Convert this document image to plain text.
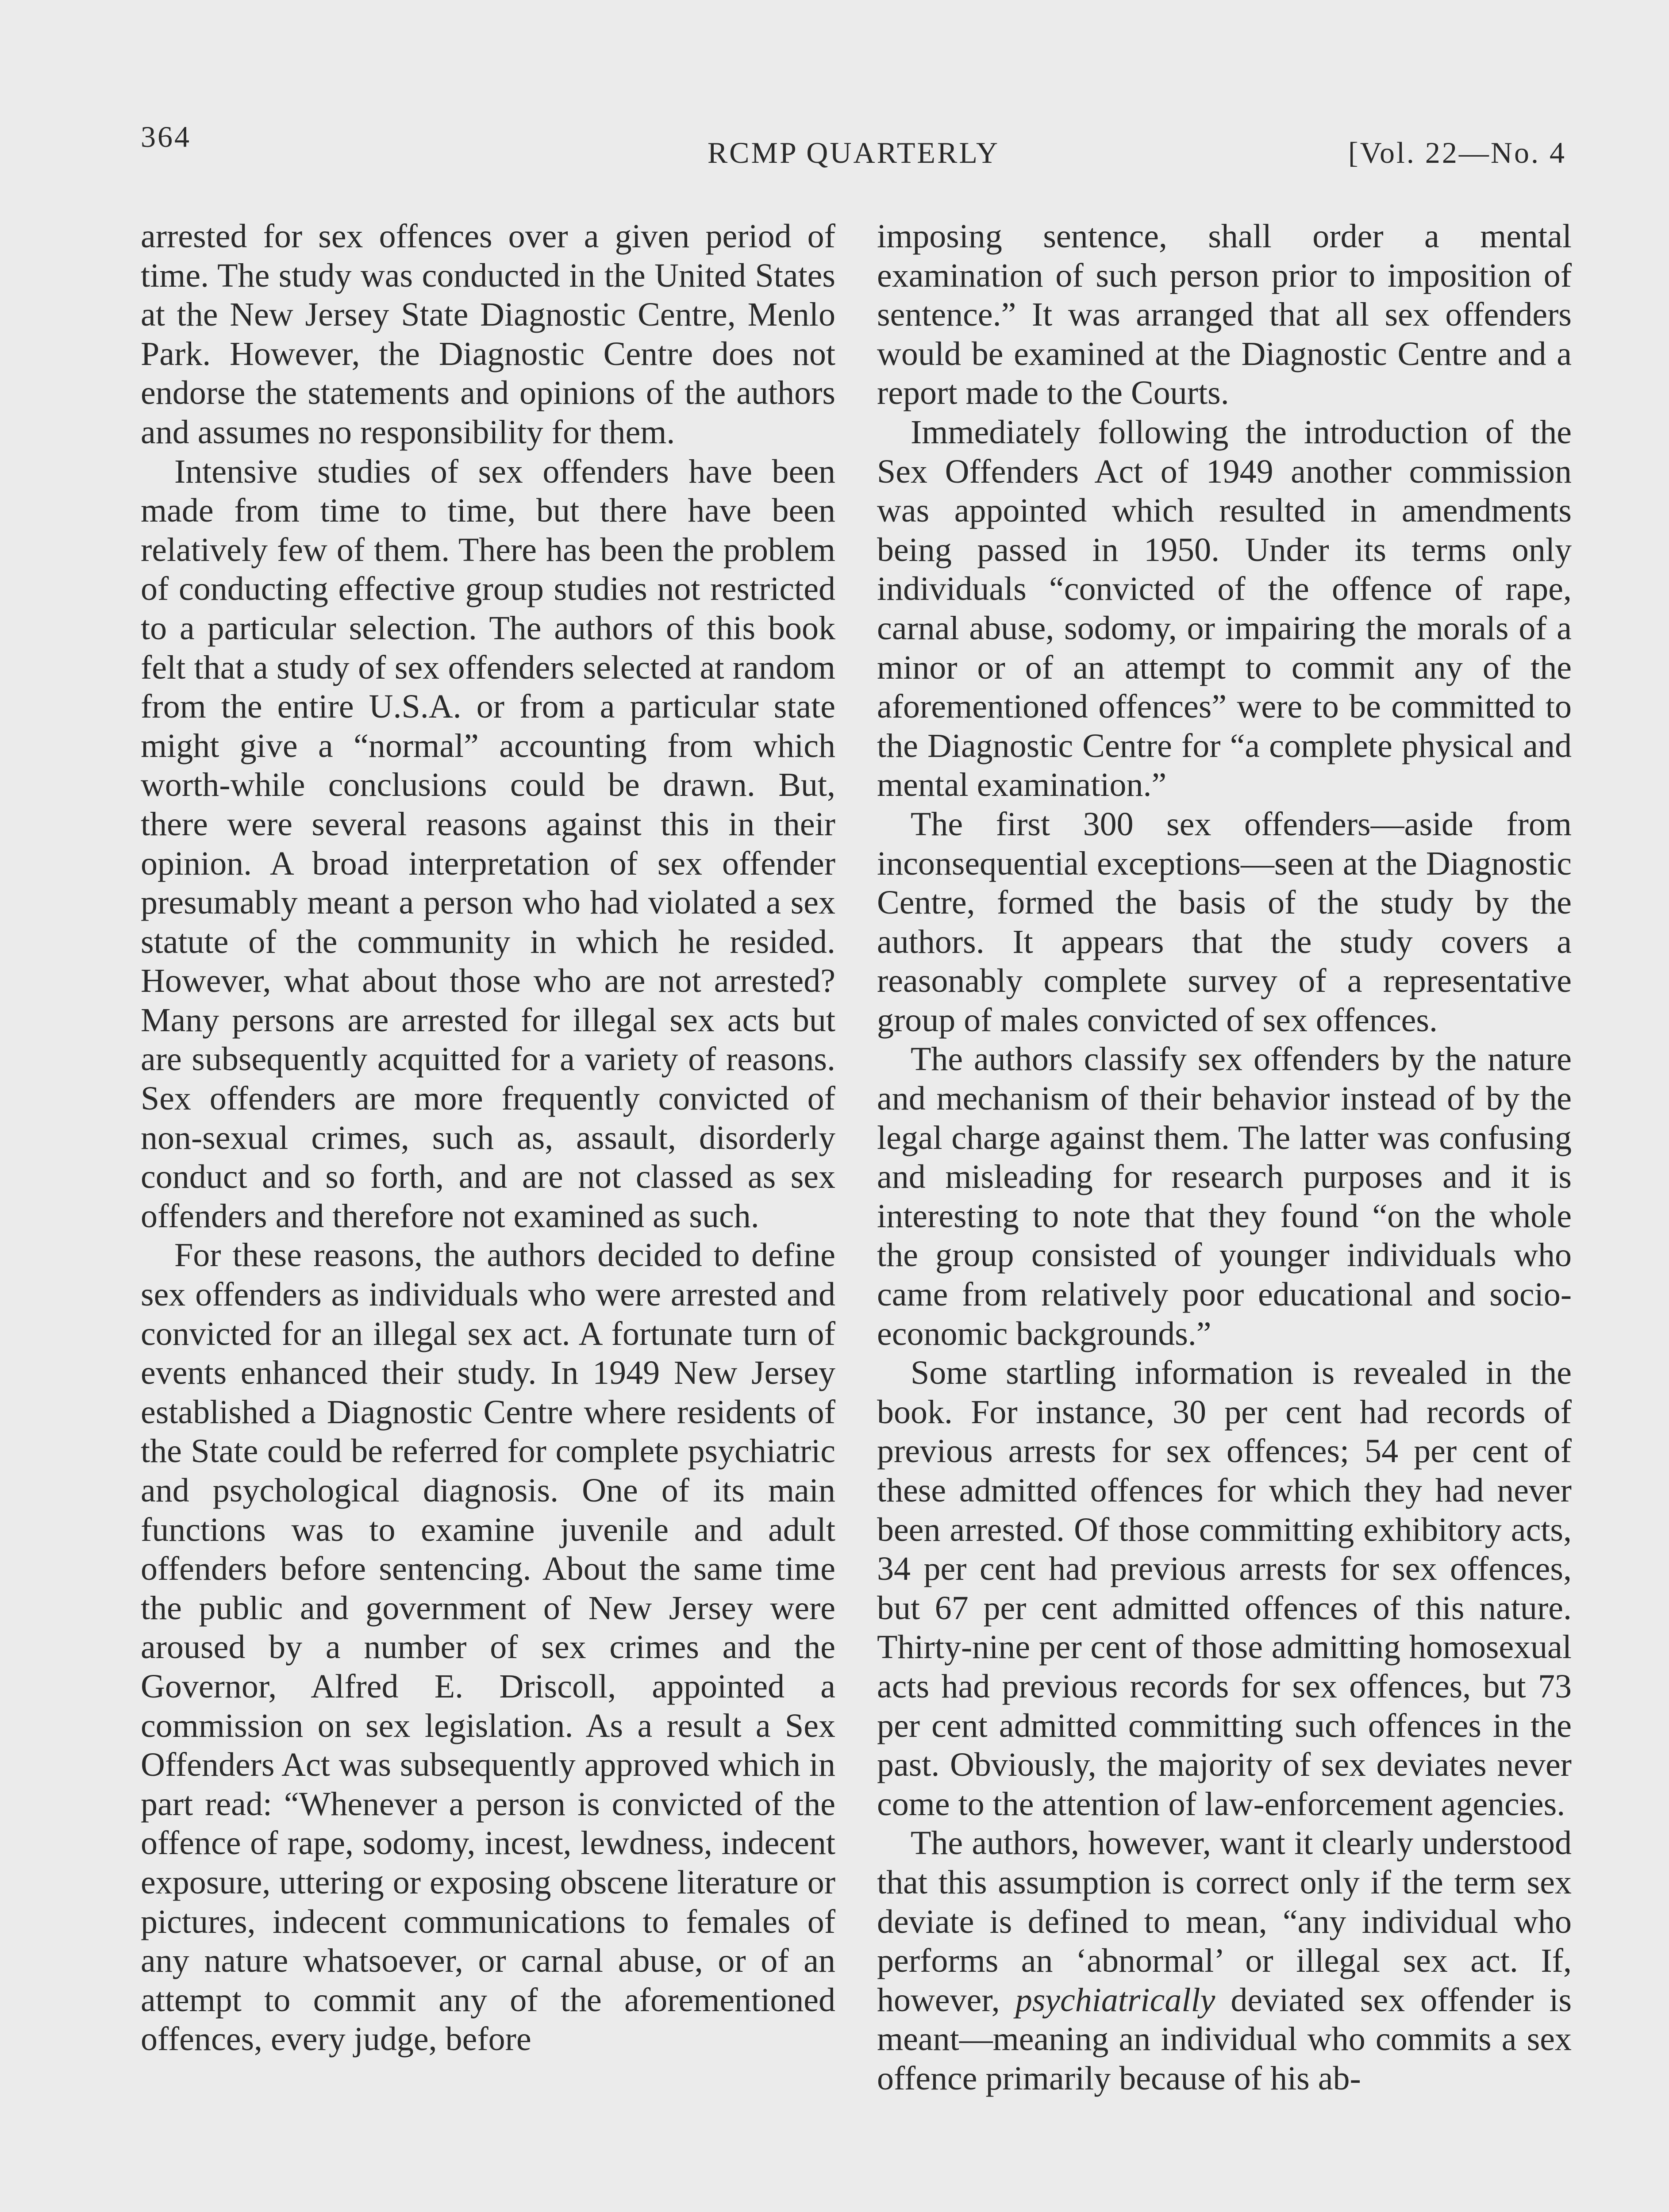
364	RCMP QUARTERLY	[Vol. 22—No. 4

arrested for sex offences over a given period of time. The study was conducted in the United States at the New Jersey State Diagnostic Centre, Menlo Park. However, the Diagnostic Centre does not endorse the statements and opinions of the authors and assumes no responsibility for them.

Intensive studies of sex offenders have been made from time to time, but there have been relatively few of them. There has been the problem of conducting effective group studies not restricted to a particular selection. The authors of this book felt that a study of sex offenders selected at random from the entire U.S.A. or from a particular state might give a “normal” accounting from which worth-while conclusions could be drawn. But, there were several reasons against this in their opinion. A broad interpretation of sex offender presumably meant a person who had violated a sex statute of the community in which he resided. However, what about those who are not arrested? Many persons are arrested for illegal sex acts but are subsequently acquitted for a variety of reasons. Sex offenders are more frequently convicted of non-sexual crimes, such as, assault, disorderly conduct and so forth, and are not classed as sex offenders and therefore not examined as such.

For these reasons, the authors decided to define sex offenders as individuals who were arrested and convicted for an illegal sex act. A fortunate turn of events enhanced their study. In 1949 New Jersey established a Diagnostic Centre where residents of the State could be referred for complete psychiatric and psychological diagnosis. One of its main functions was to examine juvenile and adult offenders before sentencing. About the same time the public and government of New Jersey were aroused by a number of sex crimes and the Governor, Alfred E. Driscoll, appointed a commission on sex legislation. As a result a Sex Offenders Act was subsequently approved which in part read: “Whenever a person is convicted of the offence of rape, sodomy, incest, lewdness, indecent exposure, uttering or exposing obscene literature or pictures, indecent communications to females of any nature whatsoever, or carnal abuse, or of an attempt to commit any of the aforementioned offences, every judge, before

imposing sentence, shall order a mental examination of such person prior to imposition of sentence.” It was arranged that all sex offenders would be examined at the Diagnostic Centre and a report made to the Courts.

Immediately following the introduction of the Sex Offenders Act of 1949 another commission was appointed which resulted in amendments being passed in 1950. Under its terms only individuals “convicted of the offence of rape, carnal abuse, sodomy, or impairing the morals of a minor or of an attempt to commit any of the aforementioned offences” were to be committed to the Diagnostic Centre for “a complete physical and mental examination.”

The first 300 sex offenders—aside from inconsequential exceptions—seen at the Diagnostic Centre, formed the basis of the study by the authors. It appears that the study covers a reasonably complete survey of a representative group of males convicted of sex offences.

The authors classify sex offenders by the nature and mechanism of their behavior instead of by the legal charge against them. The latter was confusing and misleading for research purposes and it is interesting to note that they found “on the whole the group consisted of younger individuals who came from relatively poor educational and socio-economic backgrounds.”

Some startling information is revealed in the book. For instance, 30 per cent had records of previous arrests for sex offences; 54 per cent of these admitted offences for which they had never been arrested. Of those committing exhibitory acts, 34 per cent had previous arrests for sex offences, but 67 per cent admitted offences of this nature. Thirty-nine per cent of those admitting homosexual acts had previous records for sex offences, but 73 per cent admitted committing such offences in the past. Obviously, the majority of sex deviates never come to the attention of law-enforcement agencies.

The authors, however, want it clearly understood that this assumption is correct only if the term sex deviate is defined to mean, “any individual who performs an ‘abnormal’ or illegal sex act. If, however, psychiatrically deviated sex offender is meant—meaning an individual who commits a sex offence primarily because of his ab-
